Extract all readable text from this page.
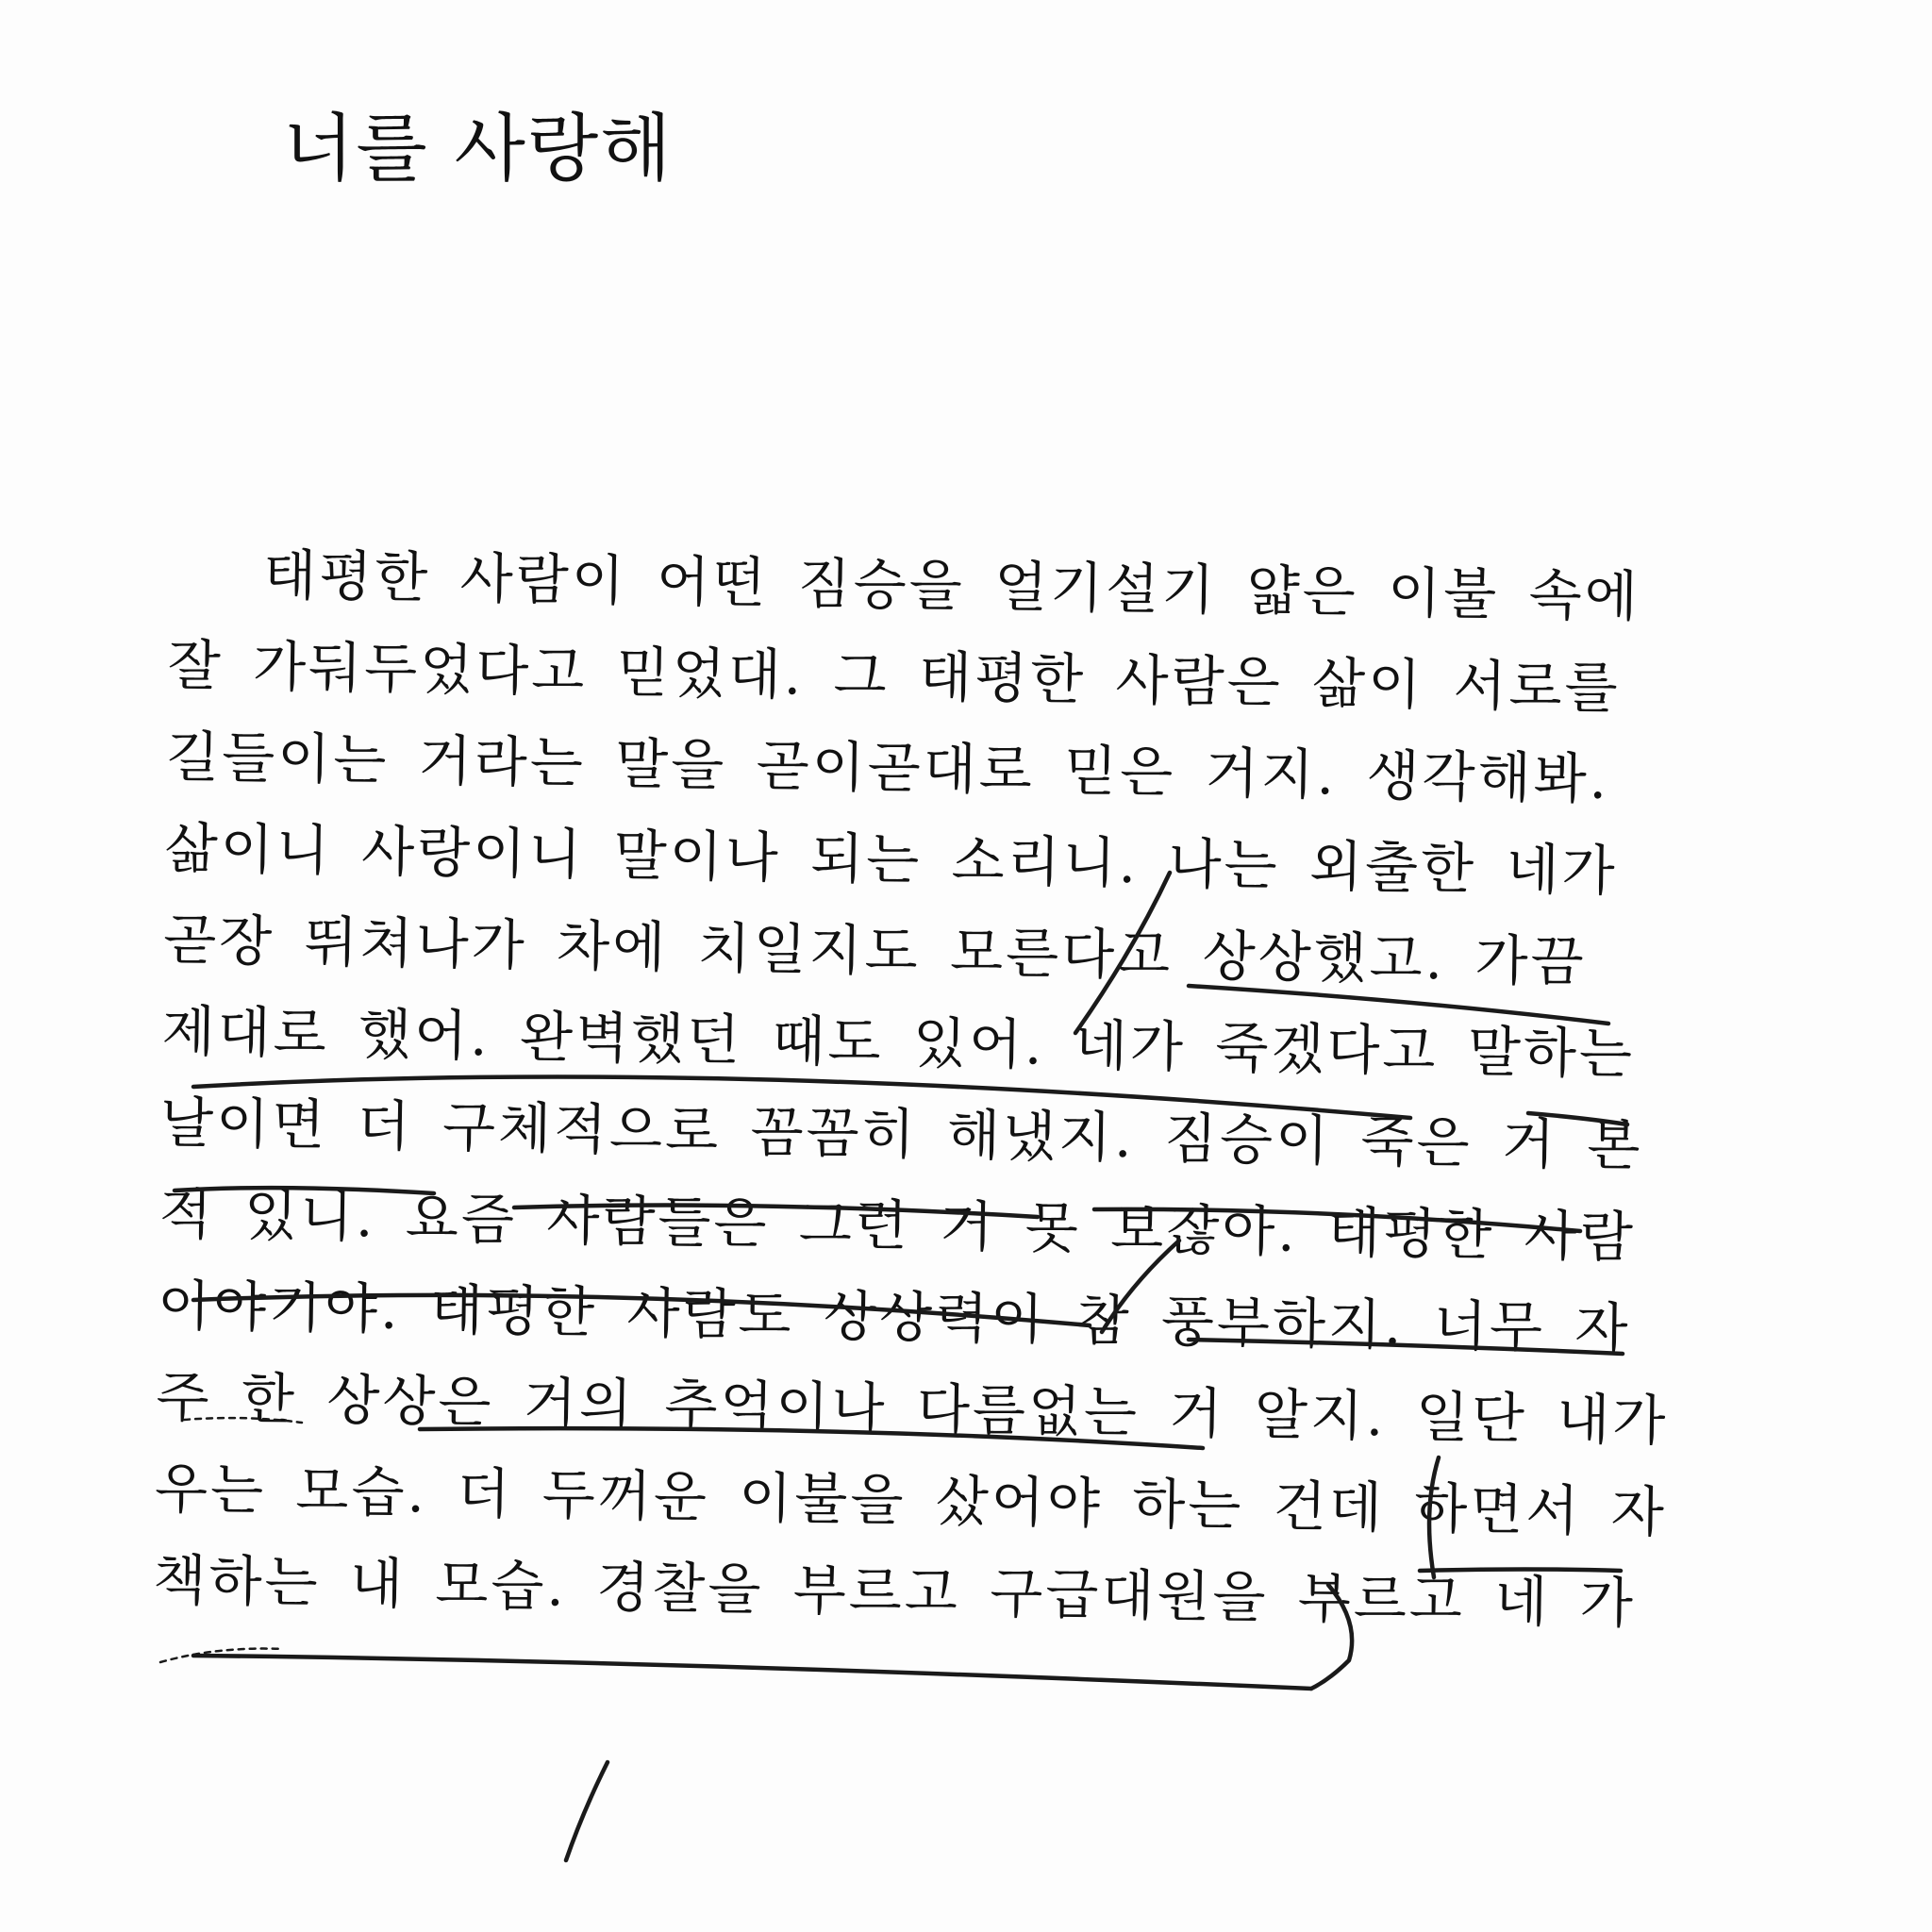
너를 사랑해
태평한 사람이 어떤 짐승을 얼기설기 얇은 이불 속에
잘 가둬두었다고 믿었대. 그 태평한 사람은 삶이 서로를
길들이는 거라는 말을 곧이곧대로 믿은 거지. 생각해봐.
삶이니 사랑이니 말이나 되는 소리니. 나는 외출한 네가
곧장 뛰쳐나가 차에 치일지도 모른다고 상상했고. 가끔
제대로 했어. 완벽했던 때도 있어. 네가 죽겠다고 말하는
날이면 더 구체적으로 꼼꼼히 해냈지. 짐승이 죽은 거 본
적 있니. 요즘 사람들은 그런 거 못 보잖아. 태평한 사람
이야기야. 태평한 사람도 상상력이 참 풍부하지. 너무 자
주 한 상상은 거의 추억이나 다름없는 거 알지. 일단 내가
우는 모습. 더 두꺼운 이불을 샀어야 하는 건데 하면서 자
책하는 내 모습. 경찰을 부르고 구급대원을 부르고 네 가
